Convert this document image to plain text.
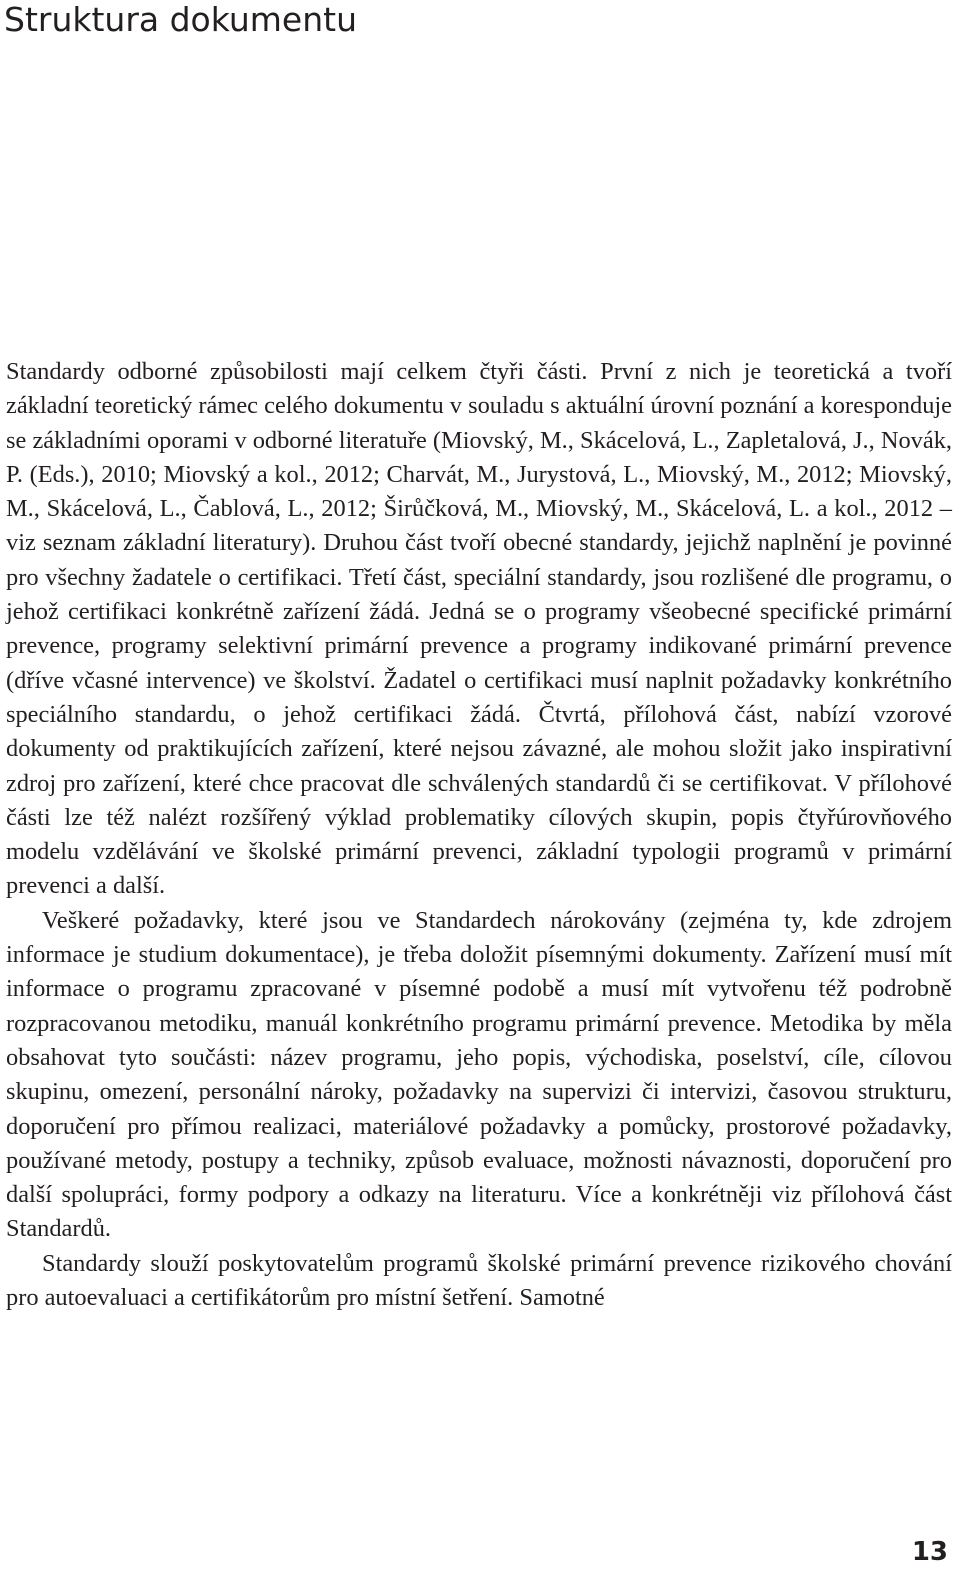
Struktura dokumentu

Standardy odborné způsobilosti mají celkem čtyři části. První z nich je teoretická a tvoří základní teoretický rámec celého dokumentu v souladu s aktuální úrovní poznání a koresponduje se základními oporami v odborné literatuře (Miovský, M., Skácelová, L., Zapletalová, J., Novák, P. (Eds.), 2010; Miovský a kol., 2012; Charvát, M., Jurystová, L., Miovský, M., 2012; Miovský, M., Skácelová, L., Čablová, L., 2012; Širůčková, M., Miovský, M., Skácelová, L. a kol., 2012 – viz seznam základní literatury). Druhou část tvoří obecné standardy, jejichž naplnění je povinné pro všechny žadatele o certifikaci. Třetí část, speciální standardy, jsou rozlišené dle programu, o jehož certifikaci konkrétně zařízení žádá. Jedná se o programy všeobecné specifické primární prevence, programy selektivní primární prevence a programy indikované primární prevence (dříve včasné intervence) ve školství. Žadatel o certifikaci musí naplnit požadavky konkrétního speciálního standardu, o jehož certifikaci žádá. Čtvrtá, přílohová část, nabízí vzorové dokumenty od praktikujících zařízení, které nejsou závazné, ale mohou složit jako inspirativní zdroj pro zařízení, které chce pracovat dle schválených standardů či se certifikovat. V přílohové části lze též nalézt rozšířený výklad problematiky cílových skupin, popis čtyřúrovňového modelu vzdělávání ve školské primární prevenci, základní typologii programů v primární prevenci a další.

Veškeré požadavky, které jsou ve Standardech nárokovány (zejména ty, kde zdrojem informace je studium dokumentace), je třeba doložit písemnými dokumenty. Zařízení musí mít informace o programu zpracované v písemné podobě a musí mít vytvořenu též podrobně rozpracovanou metodiku, manuál konkrétního programu primární prevence. Metodika by měla obsahovat tyto součásti: název programu, jeho popis, východiska, poselství, cíle, cílovou skupinu, omezení, personální nároky, požadavky na supervizi či intervizi, časovou strukturu, doporučení pro přímou realizaci, materiálové požadavky a pomůcky, prostorové požadavky, používané metody, postupy a techniky, způsob evaluace, možnosti návaznosti, doporučení pro další spolupráci, formy podpory a odkazy na literaturu. Více a konkrétněji viz přílohová část Standardů.

Standardy slouží poskytovatelům programů školské primární prevence rizikového chování pro autoevaluaci a certifikátorům pro místní šetření. Samotné

13
